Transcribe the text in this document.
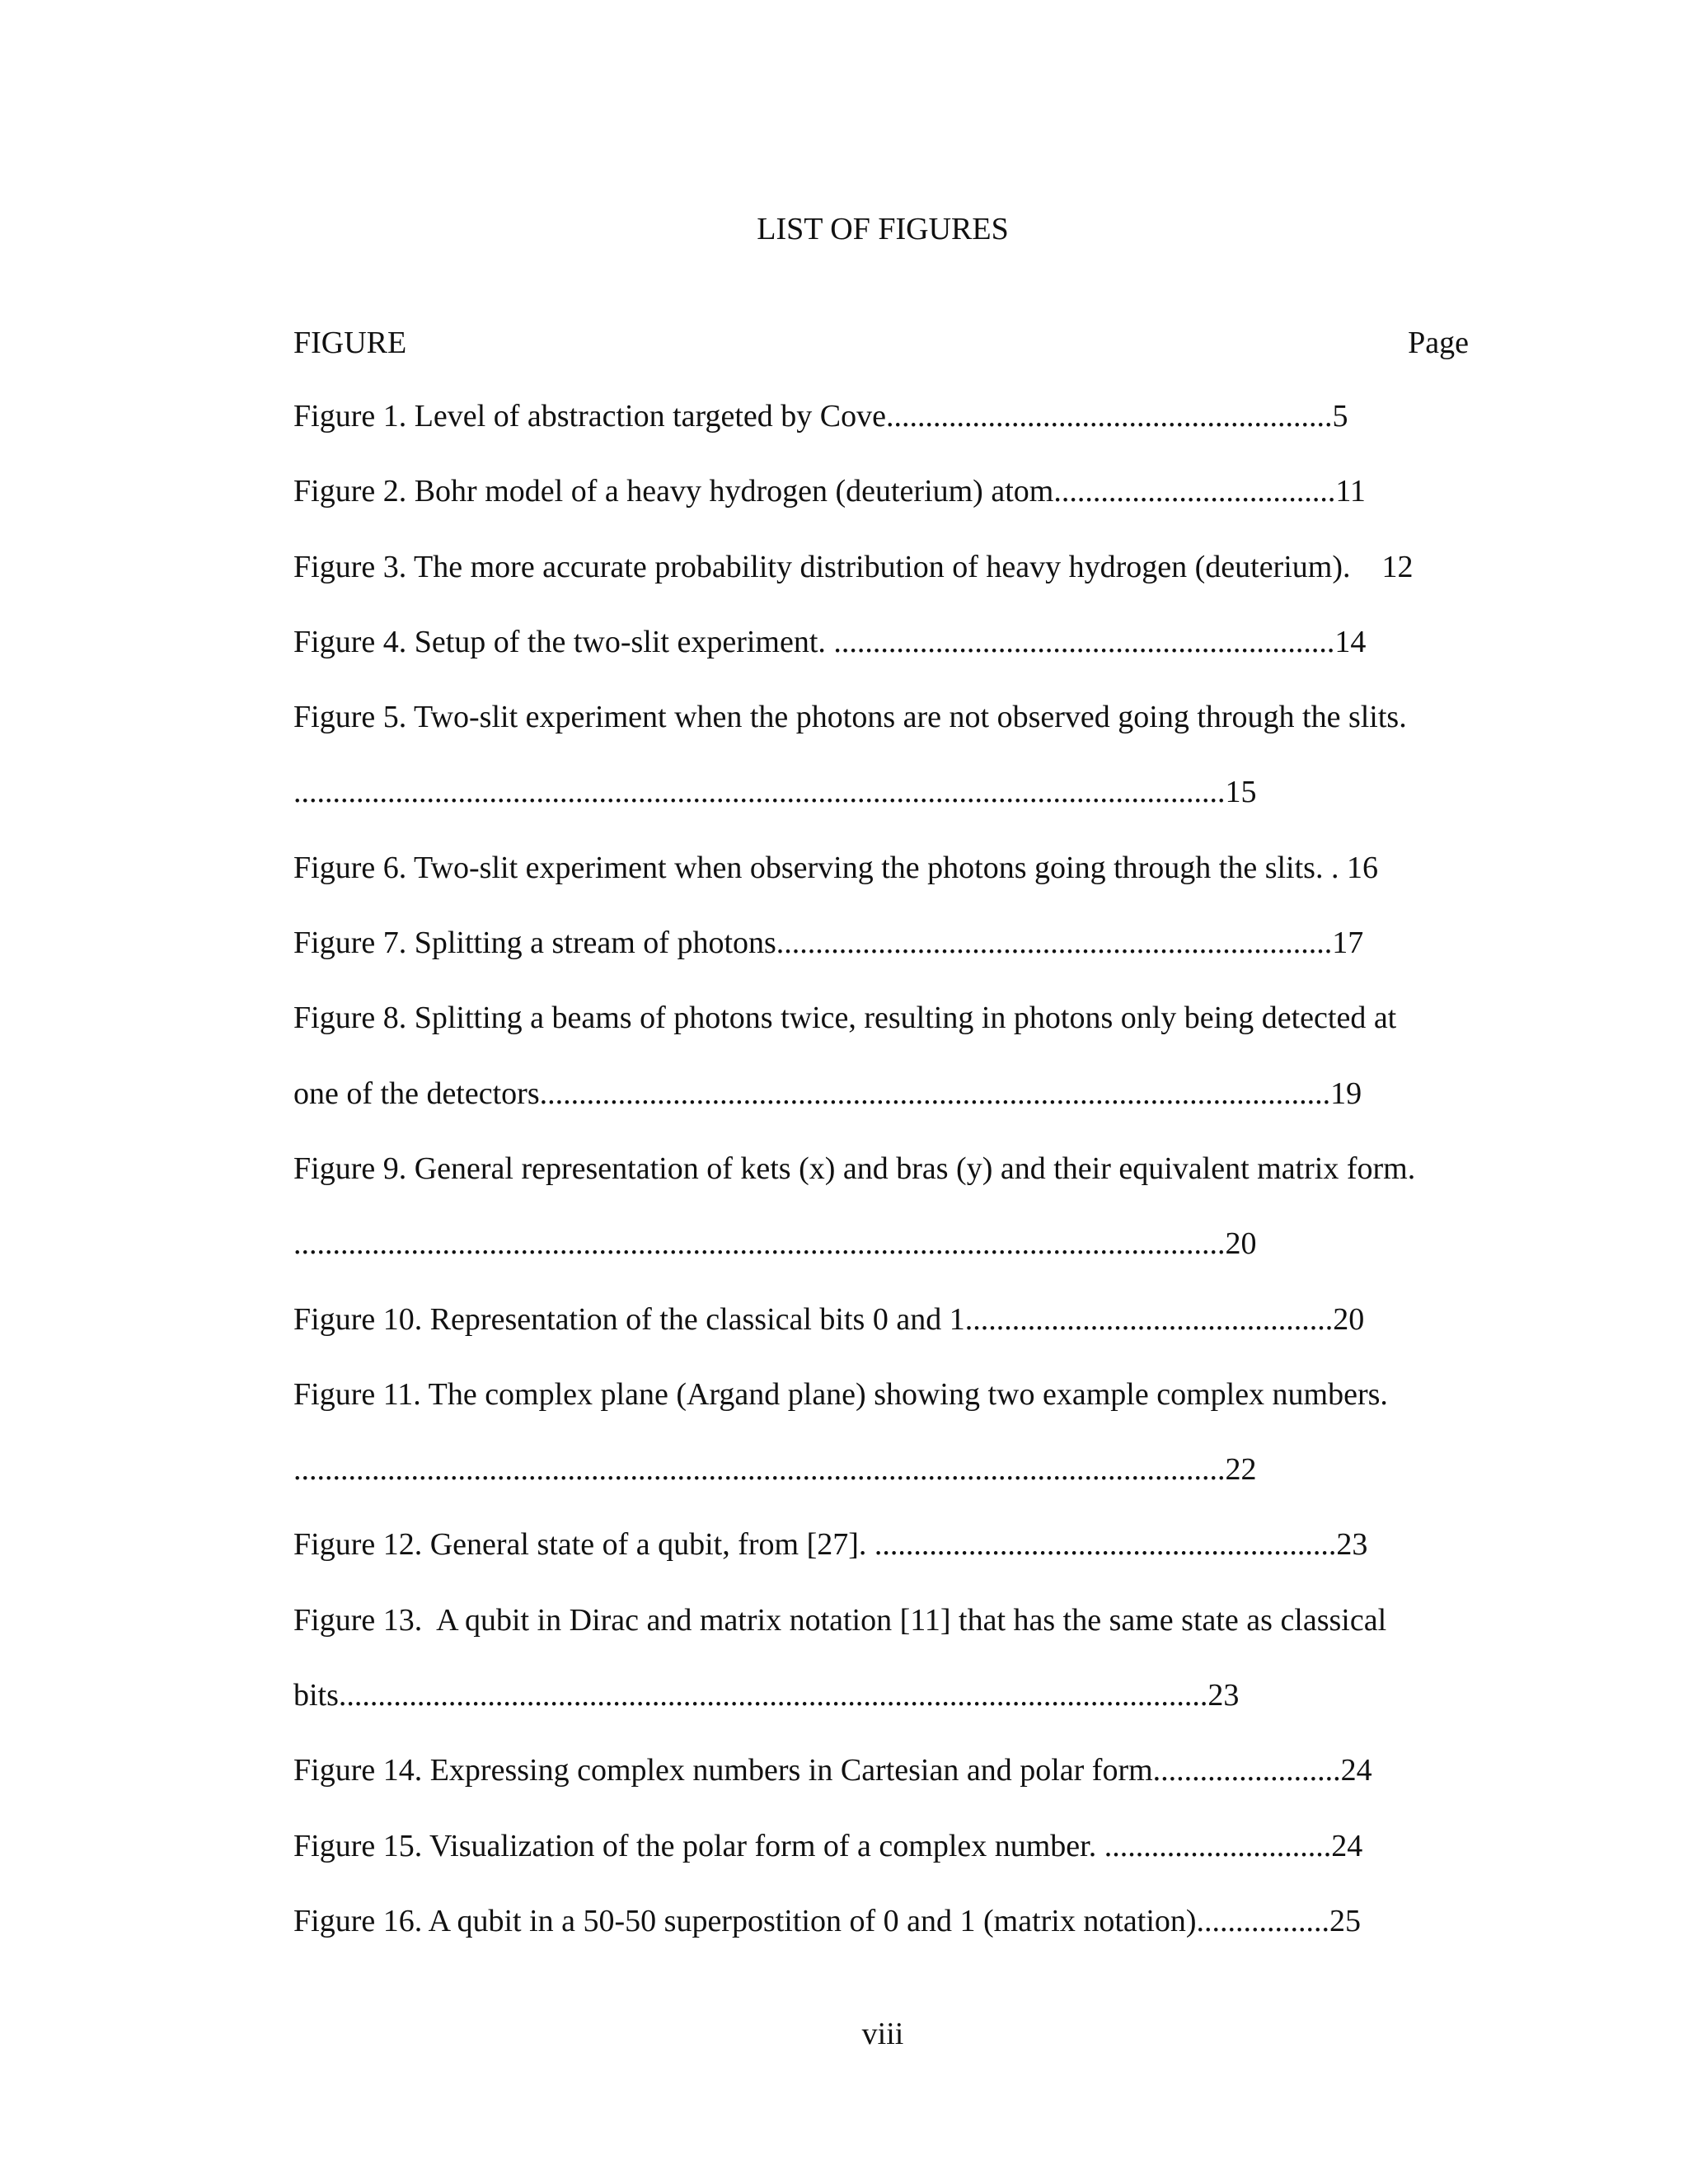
LIST OF FIGURES
FIGURE	Page
Figure 1. Level of abstraction targeted by Cove.........................................................5
Figure 2. Bohr model of a heavy hydrogen (deuterium) atom....................................11
Figure 3. The more accurate probability distribution of heavy hydrogen (deuterium).    12
Figure 4. Setup of the two-slit experiment. ................................................................14
Figure 5. Two-slit experiment when the photons are not observed going through the slits.
.......................................................................................................................15
Figure 6. Two-slit experiment when observing the photons going through the slits. . 16
Figure 7. Splitting a stream of photons.......................................................................17
Figure 8. Splitting a beams of photons twice, resulting in photons only being detected at
one of the detectors.....................................................................................................19
Figure 9. General representation of kets (x) and bras (y) and their equivalent matrix form.
.......................................................................................................................20
Figure 10. Representation of the classical bits 0 and 1...............................................20
Figure 11. The complex plane (Argand plane) showing two example complex numbers.
.......................................................................................................................22
Figure 12. General state of a qubit, from [27]. ...........................................................23
Figure 13.  A qubit in Dirac and matrix notation [11] that has the same state as classical
bits...............................................................................................................23
Figure 14. Expressing complex numbers in Cartesian and polar form........................24
Figure 15. Visualization of the polar form of a complex number. .............................24
Figure 16. A qubit in a 50-50 superpostition of 0 and 1 (matrix notation).................25
viii
